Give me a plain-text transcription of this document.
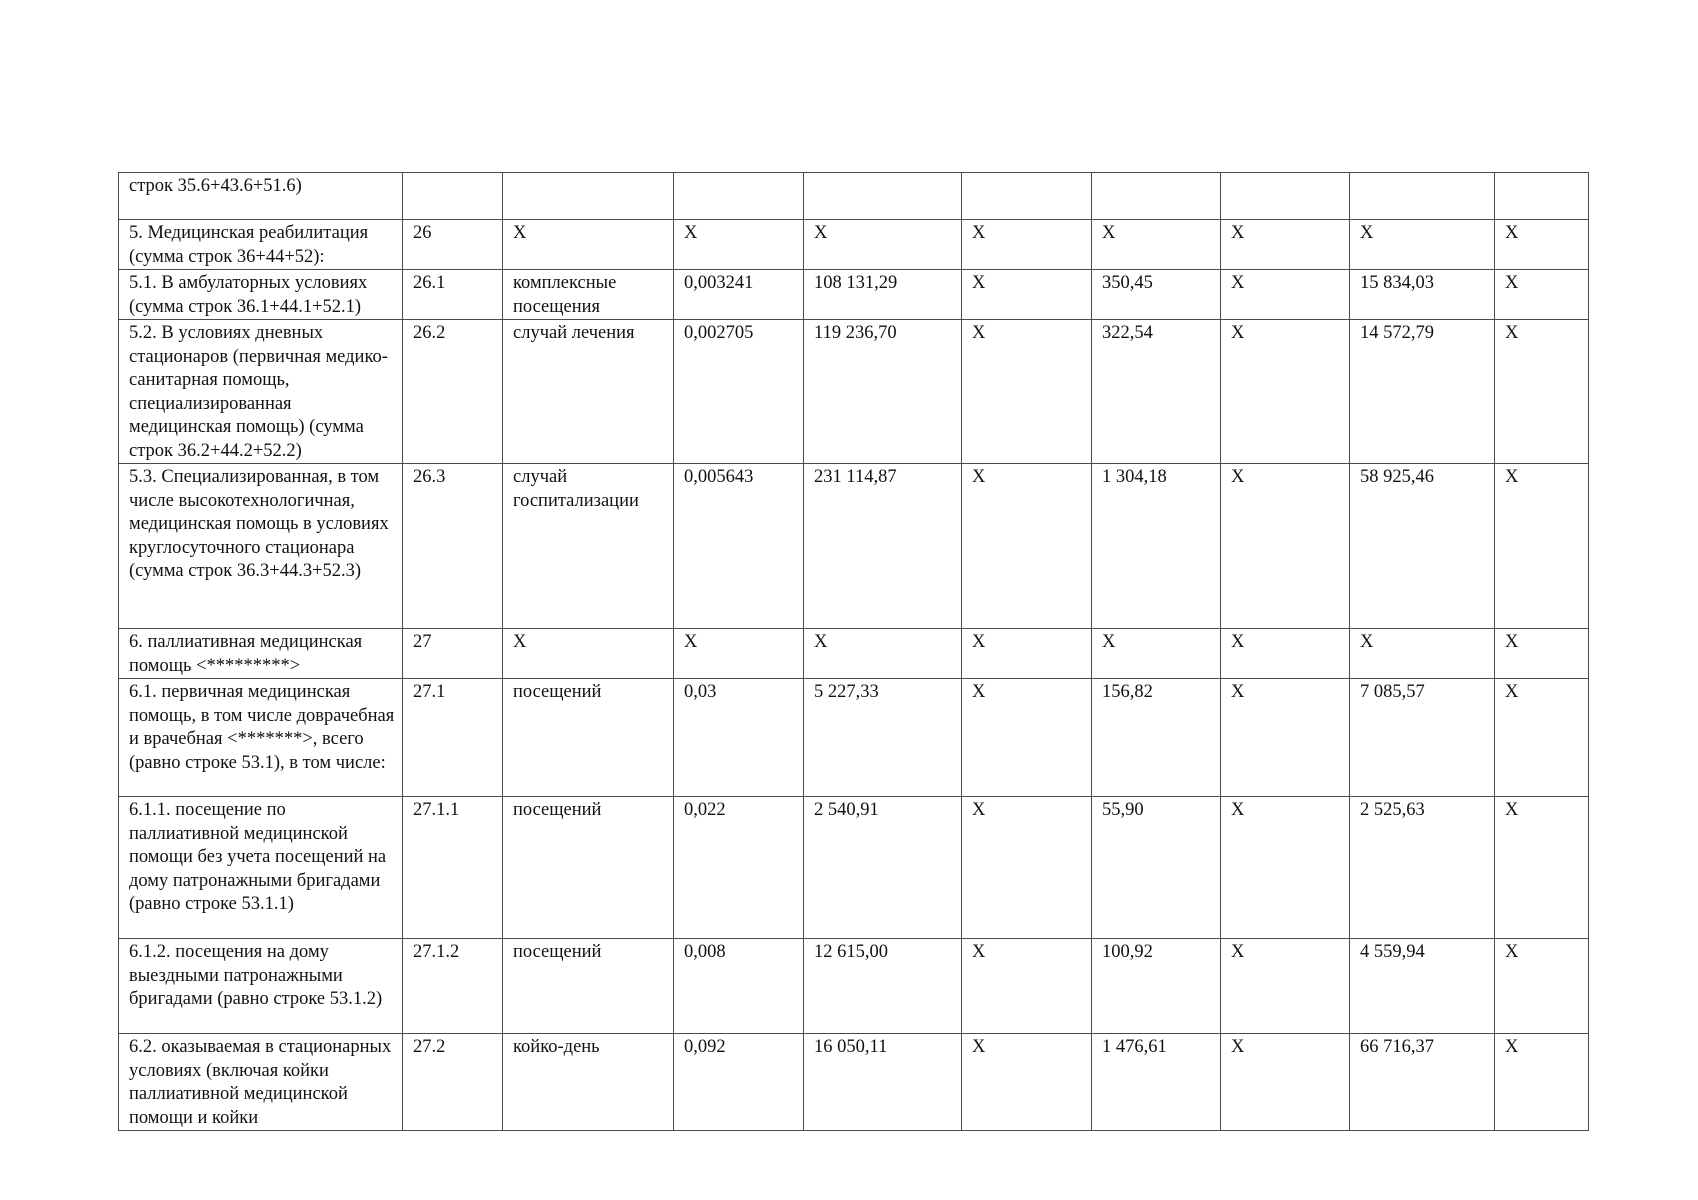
строк 35.6+43.6+51.6)									
5. Медицинская реабилитация (сумма строк 36+44+52):	26	X	X	X	X	X	X	X	X
5.1. В амбулаторных условиях (сумма строк 36.1+44.1+52.1)	26.1	комплексные посещения	0,003241	108 131,29	X	350,45	X	15 834,03	X
5.2. В условиях дневных стационаров (первичная медико-санитарная помощь, специализированная медицинская помощь) (сумма строк 36.2+44.2+52.2)	26.2	случай лечения	0,002705	119 236,70	X	322,54	X	14 572,79	X
5.3. Специализированная, в том числе высокотехнологичная, медицинская помощь в условиях круглосуточного стационара (сумма строк 36.3+44.3+52.3)	26.3	случай госпитализации	0,005643	231 114,87	X	1 304,18	X	58 925,46	X
6. паллиативная медицинская помощь <*********>	27	X	X	X	X	X	X	X	X
6.1. первичная медицинская помощь, в том числе доврачебная и врачебная <*******>, всего (равно строке 53.1), в том числе:	27.1	посещений	0,03	5 227,33	X	156,82	X	7 085,57	X
6.1.1. посещение по паллиативной медицинской помощи без учета посещений на дому патронажными бригадами (равно строке 53.1.1)	27.1.1	посещений	0,022	2 540,91	X	55,90	X	2 525,63	X
6.1.2. посещения на дому выездными патронажными бригадами (равно строке 53.1.2)	27.1.2	посещений	0,008	12 615,00	X	100,92	X	4 559,94	X
6.2. оказываемая в стационарных условиях (включая койки паллиативной медицинской помощи и койки	27.2	койко-день	0,092	16 050,11	X	1 476,61	X	66 716,37	X
